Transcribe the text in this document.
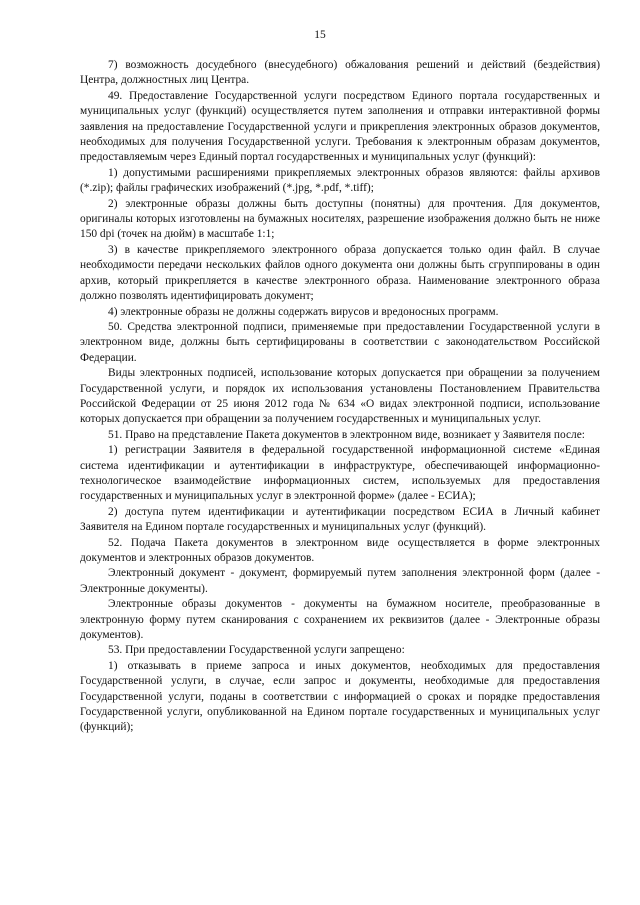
15

7) возможность досудебного (внесудебного) обжалования решений и действий (бездействия) Центра, должностных лиц Центра.

49. Предоставление Государственной услуги посредством Единого портала государственных и муниципальных услуг (функций) осуществляется путем заполнения и отправки интерактивной формы заявления на предоставление Государственной услуги и прикрепления электронных образов документов, необходимых для получения Государственной услуги. Требования к электронным образам документов, предоставляемым через Единый портал государственных и муниципальных услуг (функций):

1) допустимыми расширениями прикрепляемых электронных образов являются: файлы архивов (*.zip); файлы графических изображений (*.jpg, *.pdf, *.tiff);

2) электронные образы должны быть доступны (понятны) для прочтения. Для документов, оригиналы которых изготовлены на бумажных носителях, разрешение изображения должно быть не ниже 150 dpi (точек на дюйм) в масштабе 1:1;

3) в качестве прикрепляемого электронного образа допускается только один файл. В случае необходимости передачи нескольких файлов одного документа они должны быть сгруппированы в один архив, который прикрепляется в качестве электронного образа. Наименование электронного образа должно позволять идентифицировать документ;

4) электронные образы не должны содержать вирусов и вредоносных программ.

50. Средства электронной подписи, применяемые при предоставлении Государственной услуги в электронном виде, должны быть сертифицированы в соответствии с законодательством Российской Федерации.

Виды электронных подписей, использование которых допускается при обращении за получением Государственной услуги, и порядок их использования установлены Постановлением Правительства Российской Федерации от 25 июня 2012 года № 634 «О видах электронной подписи, использование которых допускается при обращении за получением государственных и муниципальных услуг.

51. Право на представление Пакета документов в электронном виде, возникает у Заявителя после:

1) регистрации Заявителя в федеральной государственной информационной системе «Единая система идентификации и аутентификации в инфраструктуре, обеспечивающей информационно-технологическое взаимодействие информационных систем, используемых для предоставления государственных и муниципальных услуг в электронной форме» (далее - ЕСИА);

2) доступа путем идентификации и аутентификации посредством ЕСИА в Личный кабинет Заявителя на Едином портале государственных и муниципальных услуг (функций).

52. Подача Пакета документов в электронном виде осуществляется в форме электронных документов и электронных образов документов.

Электронный документ - документ, формируемый путем заполнения электронной форм (далее - Электронные документы).

Электронные образы документов - документы на бумажном носителе, преобразованные в электронную форму путем сканирования с сохранением их реквизитов (далее - Электронные образы документов).

53. При предоставлении Государственной услуги запрещено:

1) отказывать в приеме запроса и иных документов, необходимых для предоставления Государственной услуги, в случае, если запрос и документы, необходимые для предоставления Государственной услуги, поданы в соответствии с информацией о сроках и порядке предоставления Государственной услуги, опубликованной на Едином портале государственных и муниципальных услуг (функций);
